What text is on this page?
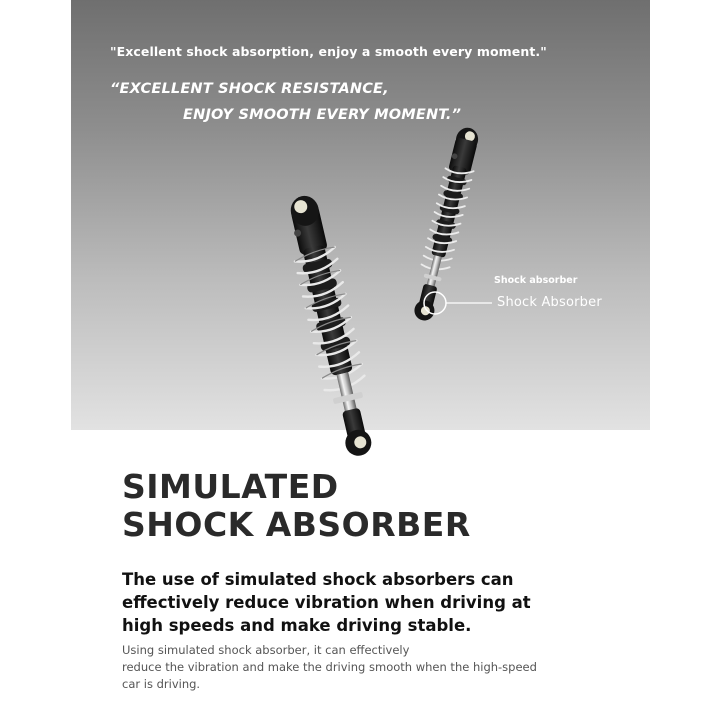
"Excellent shock absorption, enjoy a smooth every moment."

“EXCELLENT SHOCK RESISTANCE,

ENJOY SMOOTH EVERY MOMENT.”

Shock absorber

Shock Absorber

SIMULATED
SHOCK ABSORBER

The use of simulated shock absorbers can
effectively reduce vibration when driving at
high speeds and make driving stable.

Using simulated shock absorber, it can effectively
reduce the vibration and make the driving smooth when the high-speed
car is driving.
